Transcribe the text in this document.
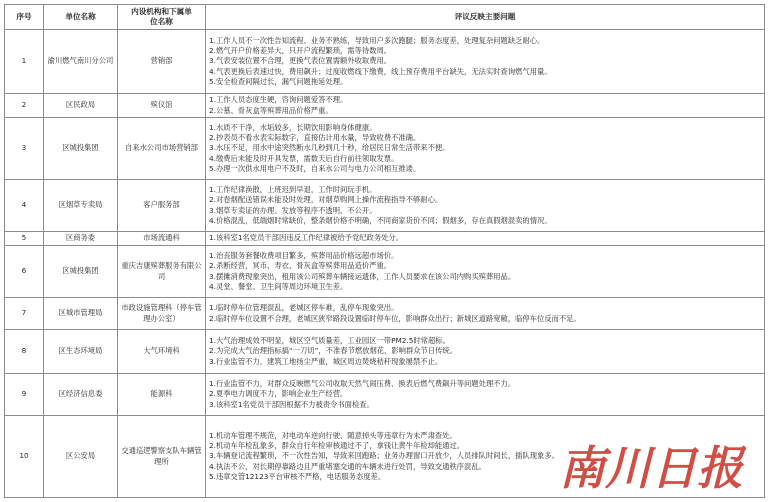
序号	单位名称	内设机构和下属单位名称	评议反映主要问题
1	渝川燃气南川分公司	营销部	1.工作人员不一次性告知流程、业务不熟练，导致用户多次跑腿；服务态度差，处理复杂问题缺乏耐心。
2.燃气开户价格差异大，只开户流程繁琐，需等待数周。
3.气表安装位置不合理，更换气表位置需额外收取费用。
4.气表更换后表速过快，费用飙升；过度收燃线下缴费，线上预存费用平台缺失，无法实时查询燃气用量。
5.安全检查间隔过长，漏气问题拖延处理。

2	区民政局	殡仪馆	1.工作人员态度生硬，咨询问题爱答不理。
2.公墓、骨灰盒等殡葬用品价格严重。

3	区城投集团	自来水公司市场营销部	1.水质不干净，水垢较多，长期饮用影响身体健康。
2.抄表员不看水表实际数字，直接估计用水量，导致收费不准确。
3.水压不足，用水中途突然断水几秒到几十秒，给居民日常生活带来不便。
4.缴费后未能及时开具发票，需数天后自行前往领取发票。
5.办理一次供水用电户不及时，自来水公司与电力公司相互推诿。

4	区烟草专卖局	客户服务部	1.工作纪律涣散，上班迟到早退，工作时间玩手机。
2.对卷烟配送错误未能及时处理，对烟草购网上操作流程指导不够耐心。
3.烟草专卖证的办理、发放等程序不透明、不公开。
4.价格混乱，低端烟时常缺价，整条烟价格不明确，不同商家货价不同；假烟多，存在真假烟混卖的情况。

5	区商务委	市场流通科	1.该科室1名党员干部因违反工作纪律被给予党纪政务处分。

6	区城投集团	重庆吉康殡葬服务有限公司	1.治丧服务套餐收费项目繁多，殡葬用品价格远超市场价。
2.杀断经营，冥币、寿衣、骨灰盒等殡葬用品造价严重。
3.摆摊消费现象突出，租用该公司殡葬车辆接运遗体，工作人员要求在该公司内购买殡葬用品。
4.灵堂、餐堂、卫生间等周边环境卫生差。

7	区城市管理局	市政设施管理科（停车管理办公室）	1.临时停车位管理混乱，老城区停车难，乱停车现象突出。
2.临时停车位设置不合理，老城区狭窄路段设置临时停车位，影响群众出行；新城区道路宽敞，临停车位反而不足。

8	区生态环境局	大气环境科	1.大气治理成效不明显，城区空气质量差，工业园区一带PM2.5时常超标。
2.为完成大气治理指标搞“一刀切”，不准春节燃放烟花，影响群众节日传统。
3.行业监管不力，建筑工地扬尘严重，城区周边焚烧秸秆现象屡禁不止。

9	区经济信息委	能源科	1.行业监管不力，对群众反映燃气公司收取天然气闹压费、换表后燃气费飙升等问题处理不力。
2.夏季电力调度不力，影响企业生产经营。
3.该科室1名党员干部因根据不力被责令书面检查。

10	区公安局	交通巡逻警察支队车辆管理所	1.机动车管理不规范，对电动车逆向行驶、随意掉头等违章行为未严肃查处。
2.机动车年检乱象多，群众自行年检审核通过不了，拿钱让黄牛年检却能通过。
3.车辆登记流程繁琐，不一次性告知，导致来回跑路；业务办理窗口开放少，人员排队时间长，插队现象多。
4.执法不公，对长期停靠路边且严重堵塞交通的车辆未进行处罚，导致交通秩序混乱。
5.违章交管12123平台审核不严格，电话服务态度差。	南川日报
